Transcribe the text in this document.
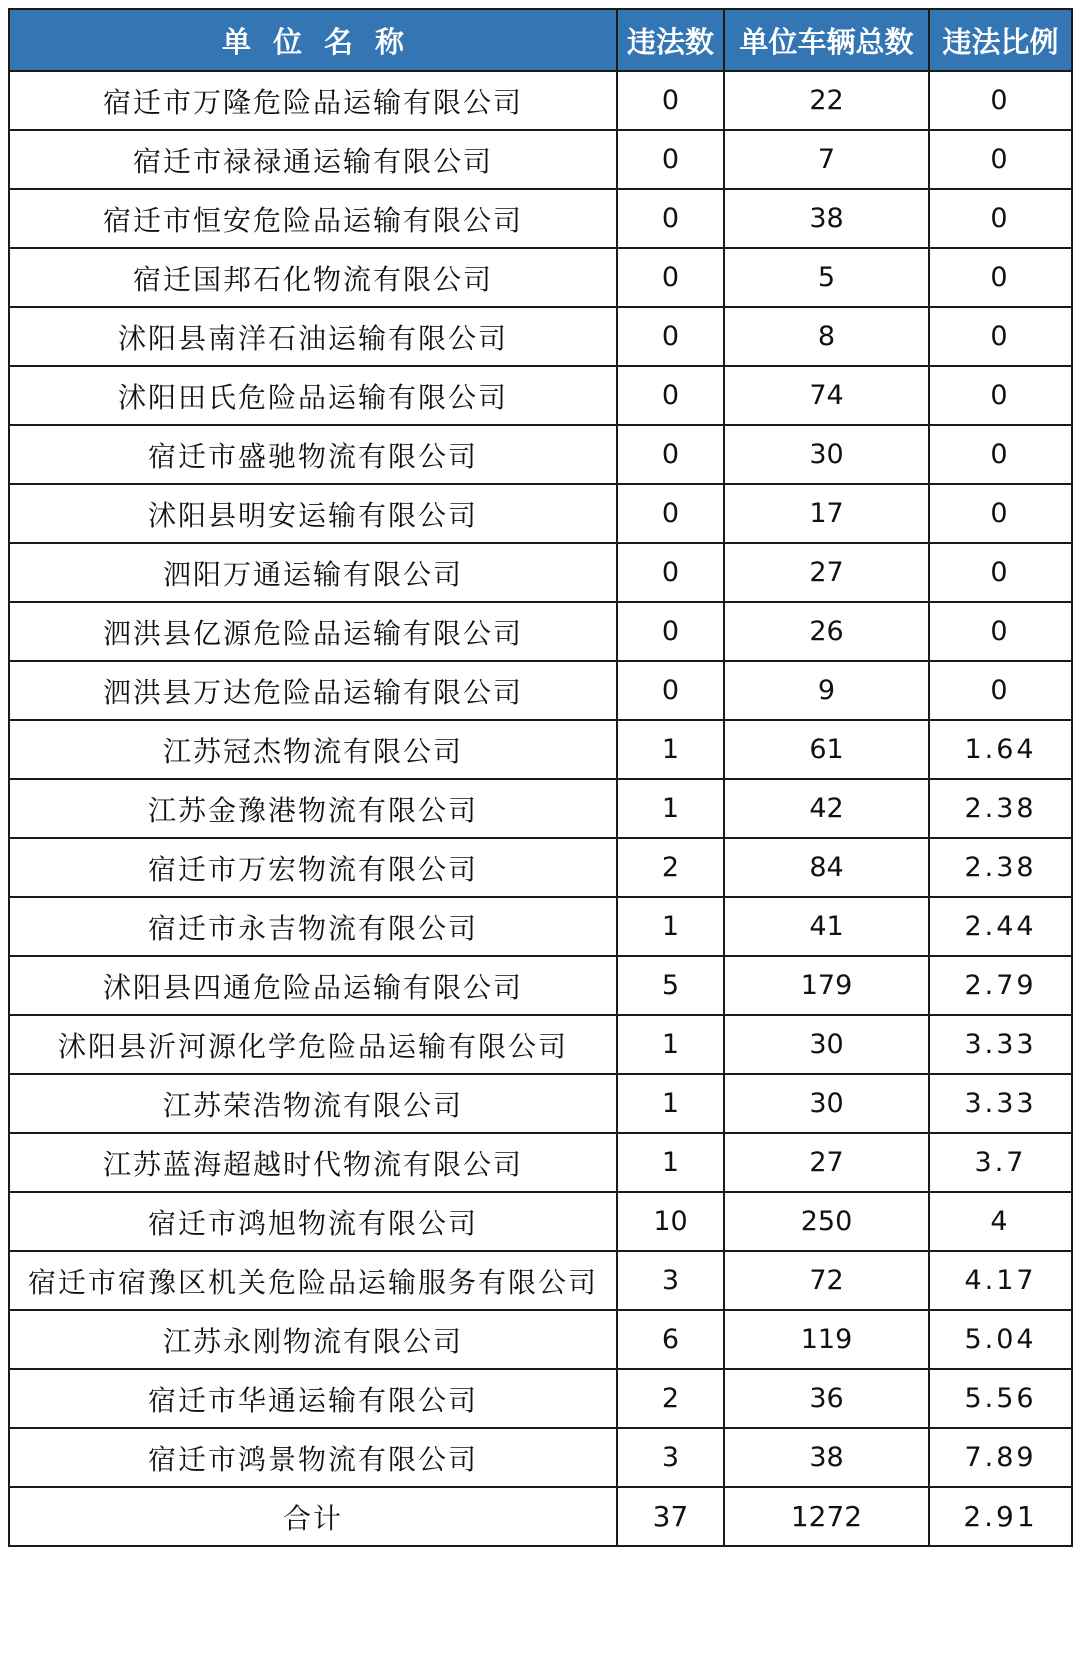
单位名称	违法数	单位车辆总数	违法比例
宿迁市万隆危险品运输有限公司	0	22	0
宿迁市禄禄通运输有限公司	0	7	0
宿迁市恒安危险品运输有限公司	0	38	0
宿迁国邦石化物流有限公司	0	5	0
沭阳县南洋石油运输有限公司	0	8	0
沭阳田氏危险品运输有限公司	0	74	0
宿迁市盛驰物流有限公司	0	30	0
沭阳县明安运输有限公司	0	17	0
泗阳万通运输有限公司	0	27	0
泗洪县亿源危险品运输有限公司	0	26	0
泗洪县万达危险品运输有限公司	0	9	0
江苏冠杰物流有限公司	1	61	1.64
江苏金豫港物流有限公司	1	42	2.38
宿迁市万宏物流有限公司	2	84	2.38
宿迁市永吉物流有限公司	1	41	2.44
沭阳县四通危险品运输有限公司	5	179	2.79
沭阳县沂河源化学危险品运输有限公司	1	30	3.33
江苏荣浩物流有限公司	1	30	3.33
江苏蓝海超越时代物流有限公司	1	27	3.7
宿迁市鸿旭物流有限公司	10	250	4
宿迁市宿豫区机关危险品运输服务有限公司	3	72	4.17
江苏永刚物流有限公司	6	119	5.04
宿迁市华通运输有限公司	2	36	5.56
宿迁市鸿景物流有限公司	3	38	7.89
合计	37	1272	2.91
